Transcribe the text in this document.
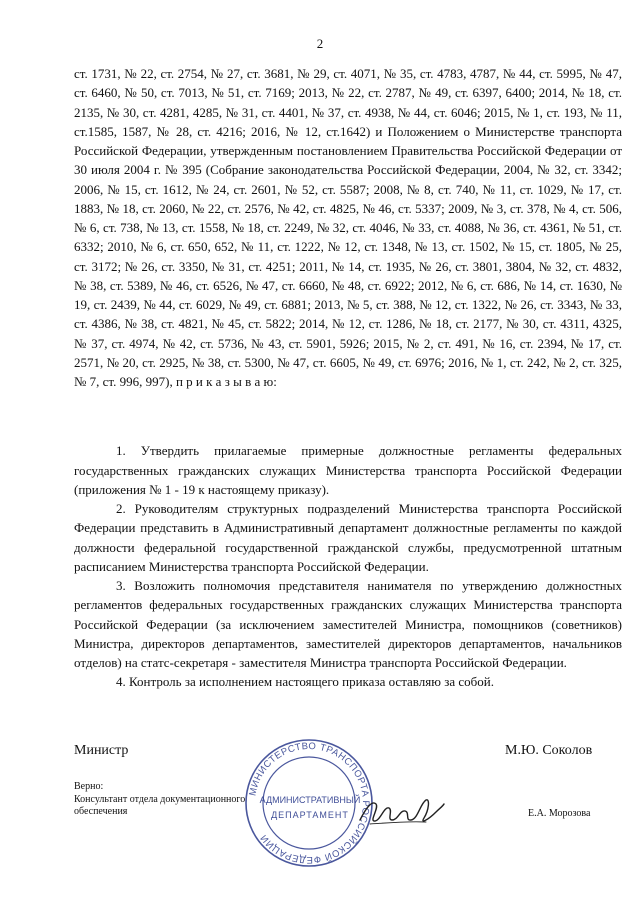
2

ст. 1731, № 22, ст. 2754, № 27, ст. 3681, № 29, ст. 4071, № 35, ст. 4783, 4787, № 44, ст. 5995, № 47, ст. 6460, № 50, ст. 7013, № 51, ст. 7169; 2013, № 22, ст. 2787, № 49, ст. 6397, 6400; 2014, № 18, ст. 2135, № 30, ст. 4281, 4285, № 31, ст. 4401, № 37, ст. 4938, № 44, ст. 6046; 2015, № 1, ст. 193, № 11, ст.1585, 1587, № 28, ст. 4216; 2016, № 12, ст.1642) и Положением о Министерстве транспорта Российской Федерации, утвержденным постановлением Правительства Российской Федерации от 30 июля 2004 г. № 395 (Собрание законодательства Российской Федерации, 2004, № 32, ст. 3342; 2006, № 15, ст. 1612, № 24, ст. 2601, № 52, ст. 5587; 2008, № 8, ст. 740, № 11, ст. 1029, № 17, ст. 1883, № 18, ст. 2060, № 22, ст. 2576, № 42, ст. 4825, № 46, ст. 5337; 2009, № 3, ст. 378, № 4, ст. 506, № 6, ст. 738, № 13, ст. 1558, № 18, ст. 2249, № 32, ст. 4046, № 33, ст. 4088, № 36, ст. 4361, № 51, ст. 6332; 2010, № 6, ст. 650, 652, № 11, ст. 1222, № 12, ст. 1348, № 13, ст. 1502, № 15, ст. 1805, № 25, ст. 3172; № 26, ст. 3350, № 31, ст. 4251; 2011, № 14, ст. 1935, № 26, ст. 3801, 3804, № 32, ст. 4832, № 38, ст. 5389, № 46, ст. 6526, № 47, ст. 6660, № 48, ст. 6922; 2012, № 6, ст. 686, № 14, ст. 1630, № 19, ст. 2439, № 44, ст. 6029, № 49, ст. 6881; 2013, № 5, ст. 388, № 12, ст. 1322, № 26, ст. 3343, № 33, ст. 4386, № 38, ст. 4821, № 45, ст. 5822; 2014, № 12, ст. 1286, № 18, ст. 2177, № 30, ст. 4311, 4325, № 37, ст. 4974, № 42, ст. 5736, № 43, ст. 5901, 5926; 2015, № 2, ст. 491, № 16, ст. 2394, № 17, ст. 2571, № 20, ст. 2925, № 38, ст. 5300, № 47, ст. 6605, № 49, ст. 6976; 2016, № 1, ст. 242, № 2, ст. 325, № 7, ст. 996, 997), п р и к а з ы в а ю:

1. Утвердить прилагаемые примерные должностные регламенты федеральных государственных гражданских служащих Министерства транспорта Российской Федерации (приложения № 1 - 19 к настоящему приказу).

2. Руководителям структурных подразделений Министерства транспорта Российской Федерации представить в Административный департамент должностные регламенты по каждой должности федеральной государственной гражданской службы, предусмотренной штатным расписанием Министерства транспорта Российской Федерации.

3. Возложить полномочия представителя нанимателя по утверждению должностных регламентов федеральных государственных гражданских служащих Министерства транспорта Российской Федерации (за исключением заместителей Министра, помощников (советников) Министра, директоров департаментов, заместителей директоров департаментов, начальников отделов) на статс-секретаря - заместителя Министра транспорта Российской Федерации.

4. Контроль за исполнением настоящего приказа оставляю за собой.

Министр	М.Ю. Соколов
Верно:
Консультант отдела документационного
обеспечения	Е.А. Морозова
МИНИСТЕРСТВО ТРАНСПОРТА РОССИЙСКОЙ ФЕДЕРАЦИИ
АДМИНИСТРАТИВНЫЙ
ДЕПАРТАМЕНТ
